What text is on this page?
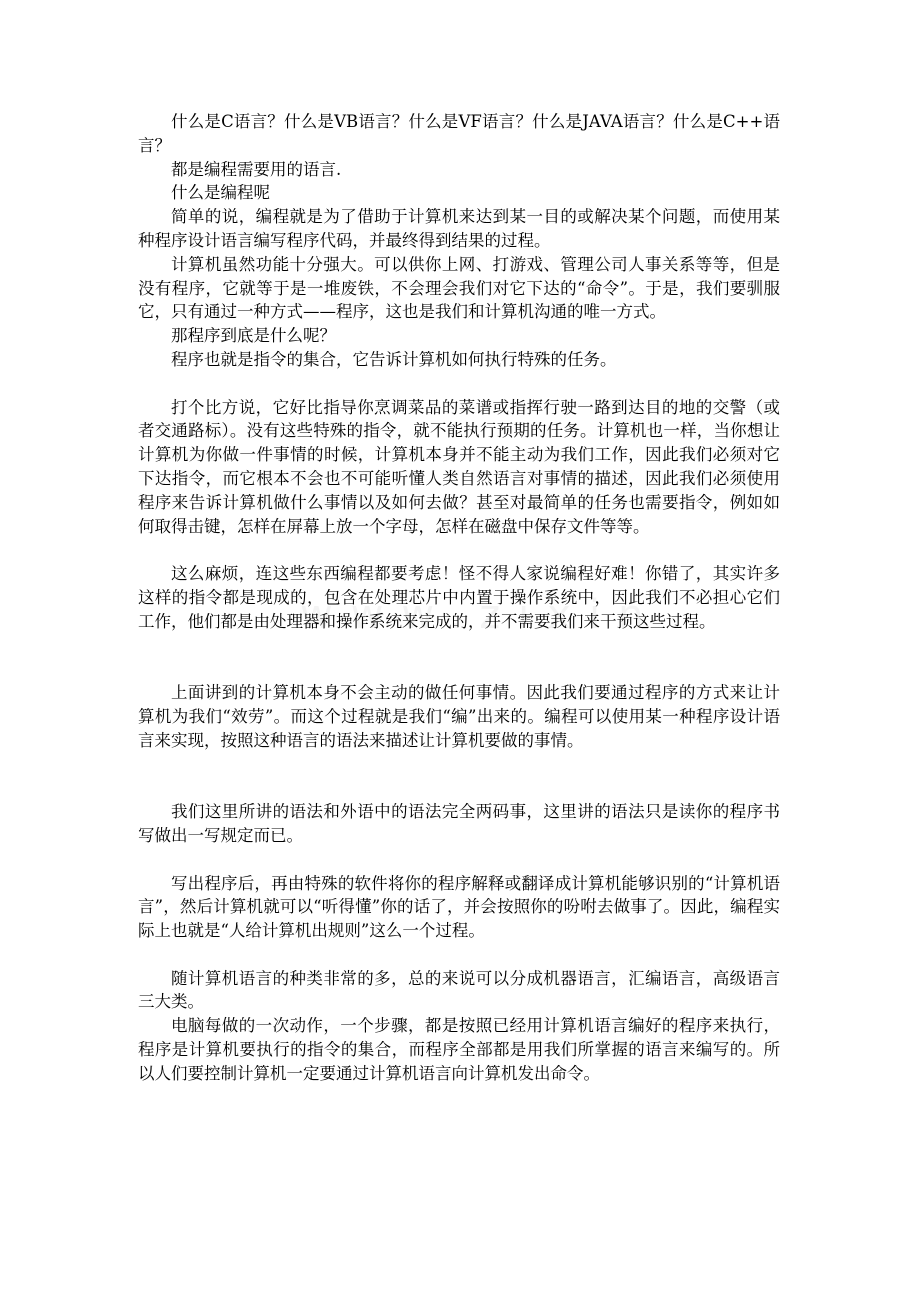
什么是C语言？什么是VB语言？什么是VF语言？什么是JAVA语言？什么是C++语言？

都是编程需要用的语言.

什么是编程呢

简单的说，编程就是为了借助于计算机来达到某一目的或解决某个问题，而使用某种程序设计语言编写程序代码，并最终得到结果的过程。

计算机虽然功能十分强大。可以供你上网、打游戏、管理公司人事关系等等，但是没有程序，它就等于是一堆废铁，不会理会我们对它下达的“命令”。于是，我们要驯服它，只有通过一种方式——程序，这也是我们和计算机沟通的唯一方式。

那程序到底是什么呢？

程序也就是指令的集合，它告诉计算机如何执行特殊的任务。

打个比方说，它好比指导你烹调菜品的菜谱或指挥行驶一路到达目的地的交警（或者交通路标）。没有这些特殊的指令，就不能执行预期的任务。计算机也一样，当你想让计算机为你做一件事情的时候，计算机本身并不能主动为我们工作，因此我们必须对它下达指令，而它根本不会也不可能听懂人类自然语言对事情的描述，因此我们必须使用程序来告诉计算机做什么事情以及如何去做？甚至对最简单的任务也需要指令，例如如何取得击键，怎样在屏幕上放一个字母，怎样在磁盘中保存文件等等。

这么麻烦，连这些东西编程都要考虑！怪不得人家说编程好难！你错了，其实许多这样的指令都是现成的，包含在处理芯片中内置于操作系统中，因此我们不必担心它们工作，他们都是由处理器和操作系统来完成的，并不需要我们来干预这些过程。

上面讲到的计算机本身不会主动的做任何事情。因此我们要通过程序的方式来让计算机为我们“效劳”。而这个过程就是我们“编”出来的。编程可以使用某一种程序设计语言来实现，按照这种语言的语法来描述让计算机要做的事情。

我们这里所讲的语法和外语中的语法完全两码事，这里讲的语法只是读你的程序书写做出一写规定而已。

写出程序后，再由特殊的软件将你的程序解释或翻译成计算机能够识别的“计算机语言”，然后计算机就可以“听得懂”你的话了，并会按照你的吩咐去做事了。因此，编程实际上也就是“人给计算机出规则”这么一个过程。

随计算机语言的种类非常的多，总的来说可以分成机器语言，汇编语言，高级语言三大类。

电脑每做的一次动作，一个步骤，都是按照已经用计算机语言编好的程序来执行，程序是计算机要执行的指令的集合，而程序全部都是用我们所掌握的语言来编写的。所以人们要控制计算机一定要通过计算机语言向计算机发出命令。
